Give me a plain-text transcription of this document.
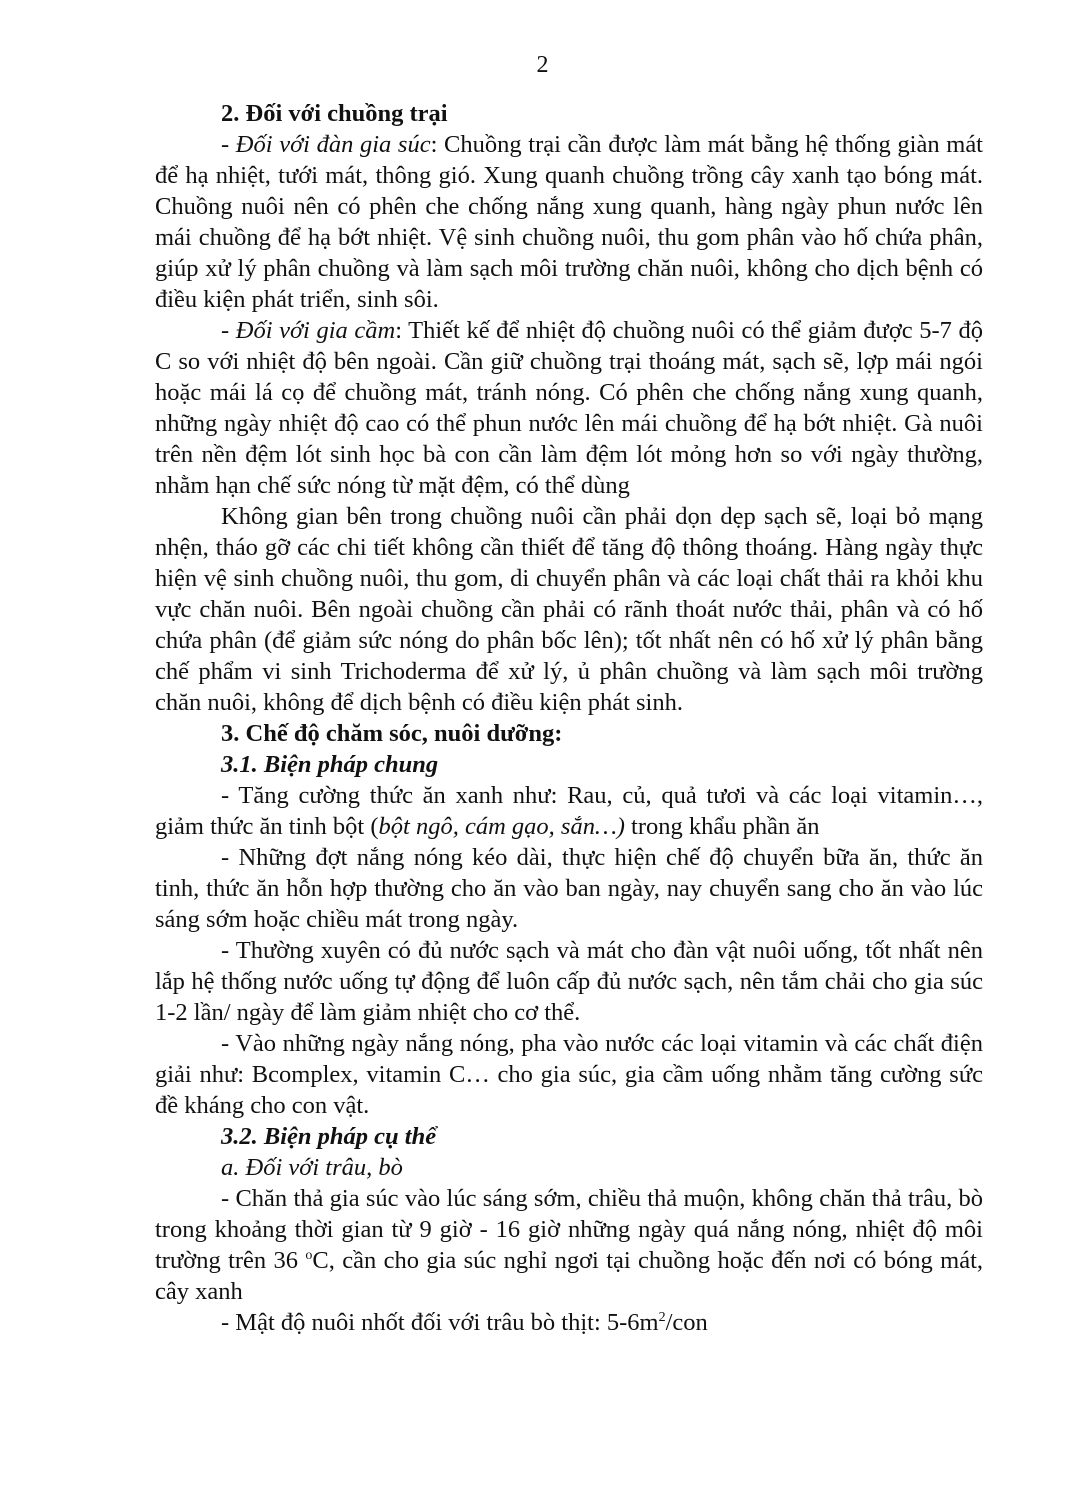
2

2. Đối với chuồng trại

- Đối với đàn gia súc: Chuồng trại cần được làm mát bằng hệ thống giàn mát để hạ nhiệt, tưới mát, thông gió. Xung quanh chuồng trồng cây xanh tạo bóng mát. Chuồng nuôi nên có phên che chống nắng xung quanh, hàng ngày phun nước lên mái chuồng để hạ bớt nhiệt. Vệ sinh chuồng nuôi, thu gom phân vào hố chứa phân, giúp xử lý phân chuồng và làm sạch môi trường chăn nuôi, không cho dịch bệnh có điều kiện phát triển, sinh sôi.

- Đối với gia cầm: Thiết kế để nhiệt độ chuồng nuôi có thể giảm được 5-7 độ C so với nhiệt độ bên ngoài. Cần giữ chuồng trại thoáng mát, sạch sẽ, lợp mái ngói hoặc mái lá cọ để chuồng mát, tránh nóng. Có phên che chống nắng xung quanh, những ngày nhiệt độ cao có thể phun nước lên mái chuồng để hạ bớt nhiệt. Gà nuôi trên nền đệm lót sinh học bà con cần làm đệm lót mỏng hơn so với ngày thường, nhằm hạn chế sức nóng từ mặt đệm, có thể dùng

Không gian bên trong chuồng nuôi cần phải dọn dẹp sạch sẽ, loại bỏ mạng nhện, tháo gỡ các chi tiết không cần thiết để tăng độ thông thoáng. Hàng ngày thực hiện vệ sinh chuồng nuôi, thu gom, di chuyển phân và các loại chất thải ra khỏi khu vực chăn nuôi. Bên ngoài chuồng cần phải có rãnh thoát nước thải, phân và có hố chứa phân (để giảm sức nóng do phân bốc lên); tốt nhất nên có hố xử lý phân bằng chế phẩm vi sinh Trichoderma để xử lý, ủ phân chuồng và làm sạch môi trường chăn nuôi, không để dịch bệnh có điều kiện phát sinh.

3. Chế độ chăm sóc, nuôi dưỡng:

3.1. Biện pháp chung

- Tăng cường thức ăn xanh như: Rau, củ, quả tươi và các loại vitamin…, giảm thức ăn tinh bột (bột ngô, cám gạo, sắn…) trong khẩu phần ăn

- Những đợt nắng nóng kéo dài, thực hiện chế độ chuyển bữa ăn, thức ăn tinh, thức ăn hỗn hợp thường cho ăn vào ban ngày, nay chuyển sang cho ăn vào lúc sáng sớm hoặc chiều mát trong ngày.

- Thường xuyên có đủ nước sạch và mát cho đàn vật nuôi uống, tốt nhất nên lắp hệ thống nước uống tự động để luôn cấp đủ nước sạch, nên tắm chải cho gia súc 1-2 lần/ ngày để làm giảm nhiệt cho cơ thể.

- Vào những ngày nắng nóng, pha vào nước các loại vitamin và các chất điện giải như: Bcomplex, vitamin C… cho gia súc, gia cầm uống nhằm tăng cường sức đề kháng cho con vật.

3.2. Biện pháp cụ thể

a. Đối với trâu, bò

- Chăn thả gia súc vào lúc sáng sớm, chiều thả muộn, không chăn thả trâu, bò trong khoảng thời gian từ 9 giờ - 16 giờ những ngày quá nắng nóng, nhiệt độ môi trường trên 36 $^o$C, cần cho gia súc nghỉ ngơi tại chuồng hoặc đến nơi có bóng mát, cây xanh

- Mật độ nuôi nhốt đối với trâu bò thịt: $5-6m^2$/con
